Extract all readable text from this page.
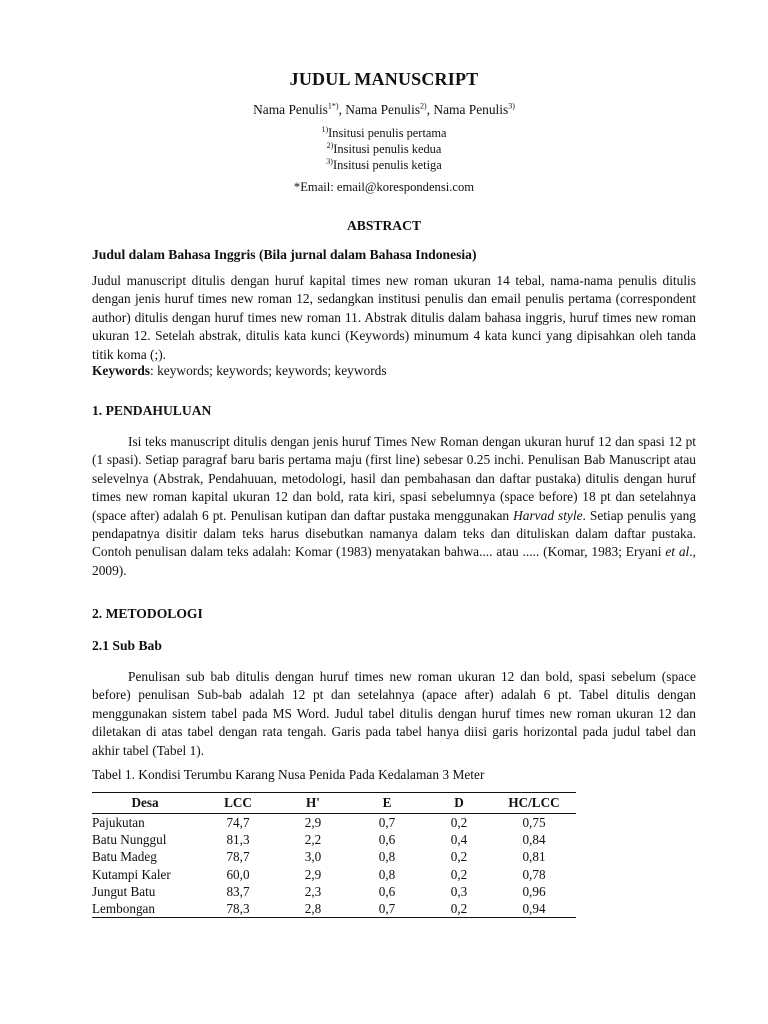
JUDUL MANUSCRIPT
Nama Penulis$^{1*)}$, Nama Penulis$^{2)}$, Nama Penulis$^{3)}$
$^{1)}$Insitusi penulis pertama
$^{2)}$Insitusi penulis kedua
$^{3)}$Insitusi penulis ketiga
*Email: email@korespondensi.com
ABSTRACT
Judul dalam Bahasa Inggris (Bila jurnal dalam Bahasa Indonesia)
Judul manuscript ditulis dengan huruf kapital times new roman ukuran 14 tebal, nama-nama penulis ditulis dengan jenis huruf times new roman 12, sedangkan institusi penulis dan email penulis pertama (correspondent author) ditulis dengan huruf times new roman 11. Abstrak ditulis dalam bahasa inggris, huruf times new roman ukuran 12. Setelah abstrak, ditulis kata kunci (Keywords) minumum 4 kata kunci yang dipisahkan oleh tanda titik koma (;).
Keywords: keywords; keywords; keywords; keywords
1. PENDAHULUAN
Isi teks manuscript ditulis dengan jenis huruf Times New Roman dengan ukuran huruf 12 dan spasi 12 pt (1 spasi). Setiap paragraf baru baris pertama maju (first line) sebesar 0.25 inchi. Penulisan Bab Manuscript atau selevelnya (Abstrak, Pendahuuan, metodologi, hasil dan pembahasan dan daftar pustaka) ditulis dengan huruf times new roman kapital ukuran 12 dan bold, rata kiri, spasi sebelumnya (space before) 18 pt dan setelahnya (space after) adalah 6 pt. Penulisan kutipan dan daftar pustaka menggunakan Harvad style. Setiap penulis yang pendapatnya disitir dalam teks harus disebutkan namanya dalam teks dan dituliskan dalam daftar pustaka. Contoh penulisan dalam teks adalah: Komar (1983) menyatakan bahwa.... atau ..... (Komar, 1983; Eryani et al., 2009).
2. METODOLOGI
2.1 Sub Bab
Penulisan sub bab ditulis dengan huruf times new roman ukuran 12 dan bold, spasi sebelum (space before) penulisan Sub-bab adalah 12 pt dan setelahnya (apace after) adalah 6 pt. Tabel ditulis dengan menggunakan sistem tabel pada MS Word. Judul tabel ditulis dengan huruf times new roman ukuran 12 dan diletakan di atas tabel dengan rata tengah. Garis pada tabel hanya diisi garis horizontal pada judul tabel dan akhir tabel (Tabel 1).
Tabel 1. Kondisi Terumbu Karang Nusa Penida Pada Kedalaman 3 Meter
Desa	LCC	H'	E	D	HC/LCC
Pajukutan	74,7	2,9	0,7	0,2	0,75
Batu Nunggul	81,3	2,2	0,6	0,4	0,84
Batu Madeg	78,7	3,0	0,8	0,2	0,81
Kutampi Kaler	60,0	2,9	0,8	0,2	0,78
Jungut Batu	83,7	2,3	0,6	0,3	0,96
Lembongan	78,3	2,8	0,7	0,2	0,94
